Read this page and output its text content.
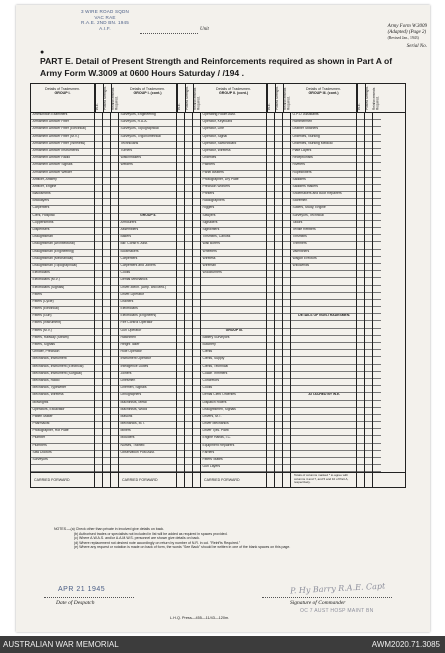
3 WIRE ROAD SQDN
VAC RAE
R.A.E. 2ND BN. 1945
A.I.F.	Unit
Army Form W.3009
(Adapted) (Page 2)
(Revised Jan., 1943)
Serial No.
●
PART E. Detail of Present Strength and Reinforcements required as shown in Part A of Army Form W.3009 at 0600 Hours Saturday / /194 .
Details of Tradesmen.
GROUP I.
W.E.	Posted Strength.	Reinforcements Required.
Details of Tradesmen.
GROUP I. (cont.)
W.E.	Posted Strength.	Reinforcements Required.
Details of Tradesmen.
GROUP II. (cont.)
W.E.	Posted Strength.	Reinforcements Required.
Details of Tradesmen.
GROUP III. (cont.)
W.E.	Posted Strength. Reinforcements Required.
Ammunition Examiners
Armament Artificer Fitter
Armament Artificer Fitter (Electrical)
Armament Artificer Fitter (M.V.)
Armament Artificer Fitter (Wireless)
Armament Artificer Instruments
Armament Artificer Radio
Armament Artificer Signals
Armament Artificer Welder
Artificer, Artillery
Artificer, Engine
Blacksmiths
Bricklayers
Carpenters
Clerk, Hospital
Coppersmiths
Dispensers
Draughtsman
Draughtsman (Architectural)
Draughtsman (Engineering)
Draughtsman (Mechanical)
Draughtsman (Topographical)
Electricians
Electricians (M.V.)
Electricians (Signals)
Fitters
Fitters (Cycle)
Fitters (Electrical)
Fitters (Gun)
Fitters (Instrument)
Fitters (M.V.)
Fitters, Railway (Steam)
Fitters, Signals
Grinder, Precision
Mechanics, Instrument
Mechanics, Instrument (Electrical)
Mechanics, Instrument (Surgical)
Mechanics, Radio
Mechanics, Typewriter
Mechanics, Wireless
Millwrights
Operators, Excavator
Patten Maker
Pharmacist
Photographer, Hot Plate
Plumber
Plumbers
Saw Doctors
Surveyors
Surveyors, Engineering
Surveyors, R.A.A.
Surveyors, Topographical
Surveyors, Trigonometrical
Technicians
Turners
Watchmakers
Welders
GROUP II.
Armourers
Assemblers
Bakers
Bkr. Const'n. Asst.
Bootmakers
Carpenters
Carpenters and Joiners
Cooks
Dental Mechanics
Driver-Mech. (Amp. and Med.)
Driver-Operator
Drainers
Electricians
Electricians (Engineers)
Fire Control Operator
Gun Operator
Hatchmen
Height Taker
Hole Operator
Instrument Operator
Intelligence Duties
Joiners
Linesmen
Linemen, Signals
Lithographers
Machinists, Metal
Machinists, Wood
Masons
Mechanics, M.T.
Miners
Moulders
Nurses, Trained
Observation Post Asst.
Operating Room Asst.
Operator, Keyboard
Operator, Line
Operator, Signal
Operator, Switchboard
Operator, Wireless
Orderlies
Painters
Panel Beaters
Photographer, Dry Plate
Precision Workers
Printers
Radiographers
Riggers
Sawyers
Signallers
Signwriters
Tinsmiths, Canvas
Wall Borers
Wheelers
Wireless
Wireman
Woodturners
GROUP III.
Battery Surveyors
Butchery
Clerks
Clerks, Supply
Clerks, Technical
Coach Trimmers
Concretors
Cooks
Dental Clerk Orderlies
Dispatch Riders
Draughtsmen, Signals
Drivers, M.T.
Driver Mechanics
Driver Tpts. Plant
Engine Hands, I.C.
Equipment Repairers
Farriers
Fitters' Mates
Gun Layers
G.P.O. Assistants
Hammermen
Leather Stitchers
Orderlies, Nursing
Orderlies, Nursing Medical
Plate Layers
Receptionists
Riveters
Ropeknitters
Saddlers
Saddlers makers
Shoemakers and Boot Repairers
Storemen
Sutlers, Study, Engine
Surveyors, Technical
Tailors
Textile Refitters
Tinsmiths
Trimmers
Valentiners
Wagon Erectors
Willowmills
DETAILS OF NON-TRADESMEN.
ATTACHED BY W.E.
CARRIED FORWARD	CARRIED FORWARD	CARRIED FORWARD
Totals of columns marked * to agree with columns 4 and 7, and 5 and 10 of Part A, respectively.
NOTES.—(a) Check other than private in involved give details on back.
(b) Authorised trades or specialists not included in list will be added as required in spaces provided.
(c) Where A.W.A.S. and/or A.A.M.W.S. personnel are shown give details on back.
(d) Where replacement not desired note accordingly on return by number of N.R. in col. "Reinf'ts Required."
(e) Where any request or notation is made on back of form, the words "See Back" should be written in one of the blank spaces on this page.
APR 21 1945
Date of Despatch
P. Hy Barry R.A.E. Capt
Signature of Commander
OC 7 AUST HOSP MAINT BN
L.H.Q. Press—455—11/43—120m.
AUSTRALIAN WAR MEMORIAL	AWM2020.71.3085
